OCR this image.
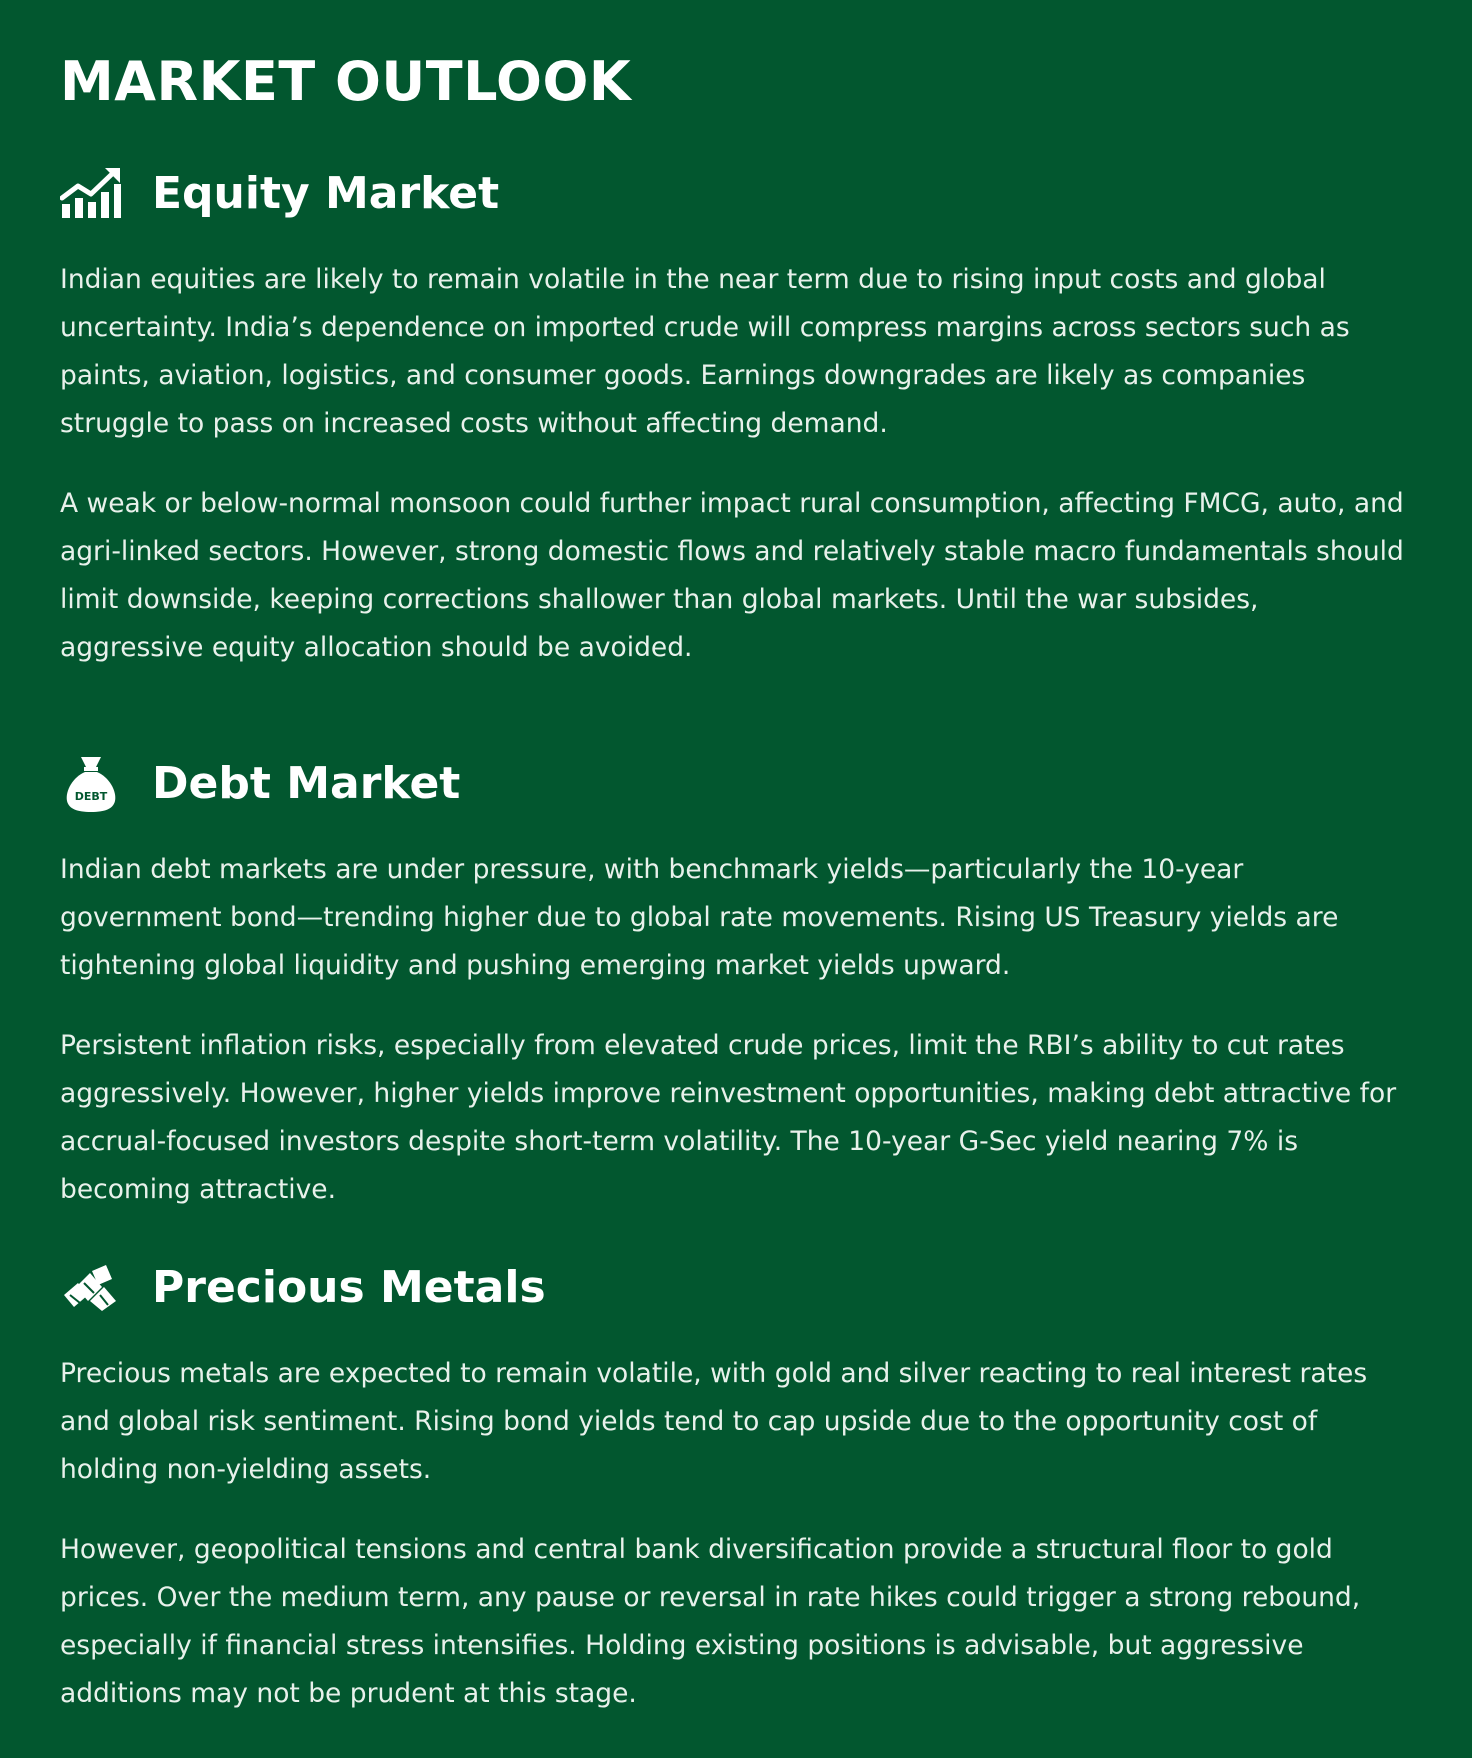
MARKET OUTLOOK
Equity Market

Indian equities are likely to remain volatile in the near term due to rising input costs and global uncertainty. India’s dependence on imported crude will compress margins across sectors such as paints, aviation, logistics, and consumer goods. Earnings downgrades are likely as companies struggle to pass on increased costs without affecting demand.

A weak or below-normal monsoon could further impact rural consumption, affecting FMCG, auto, and agri-linked sectors. However, strong domestic flows and relatively stable macro fundamentals should limit downside, keeping corrections shallower than global markets. Until the war subsides, aggressive equity allocation should be avoided.

DEBT Debt Market

Indian debt markets are under pressure, with benchmark yields—particularly the 10-year government bond—trending higher due to global rate movements. Rising US Treasury yields are tightening global liquidity and pushing emerging market yields upward.

Persistent inflation risks, especially from elevated crude prices, limit the RBI’s ability to cut rates aggressively. However, higher yields improve reinvestment opportunities, making debt attractive for accrual-focused investors despite short-term volatility. The 10-year G-Sec yield nearing 7% is becoming attractive.

Precious Metals

Precious metals are expected to remain volatile, with gold and silver reacting to real interest rates and global risk sentiment. Rising bond yields tend to cap upside due to the opportunity cost of holding non-yielding assets.

However, geopolitical tensions and central bank diversification provide a structural floor to gold prices. Over the medium term, any pause or reversal in rate hikes could trigger a strong rebound, especially if financial stress intensifies. Holding existing positions is advisable, but aggressive additions may not be prudent at this stage.
